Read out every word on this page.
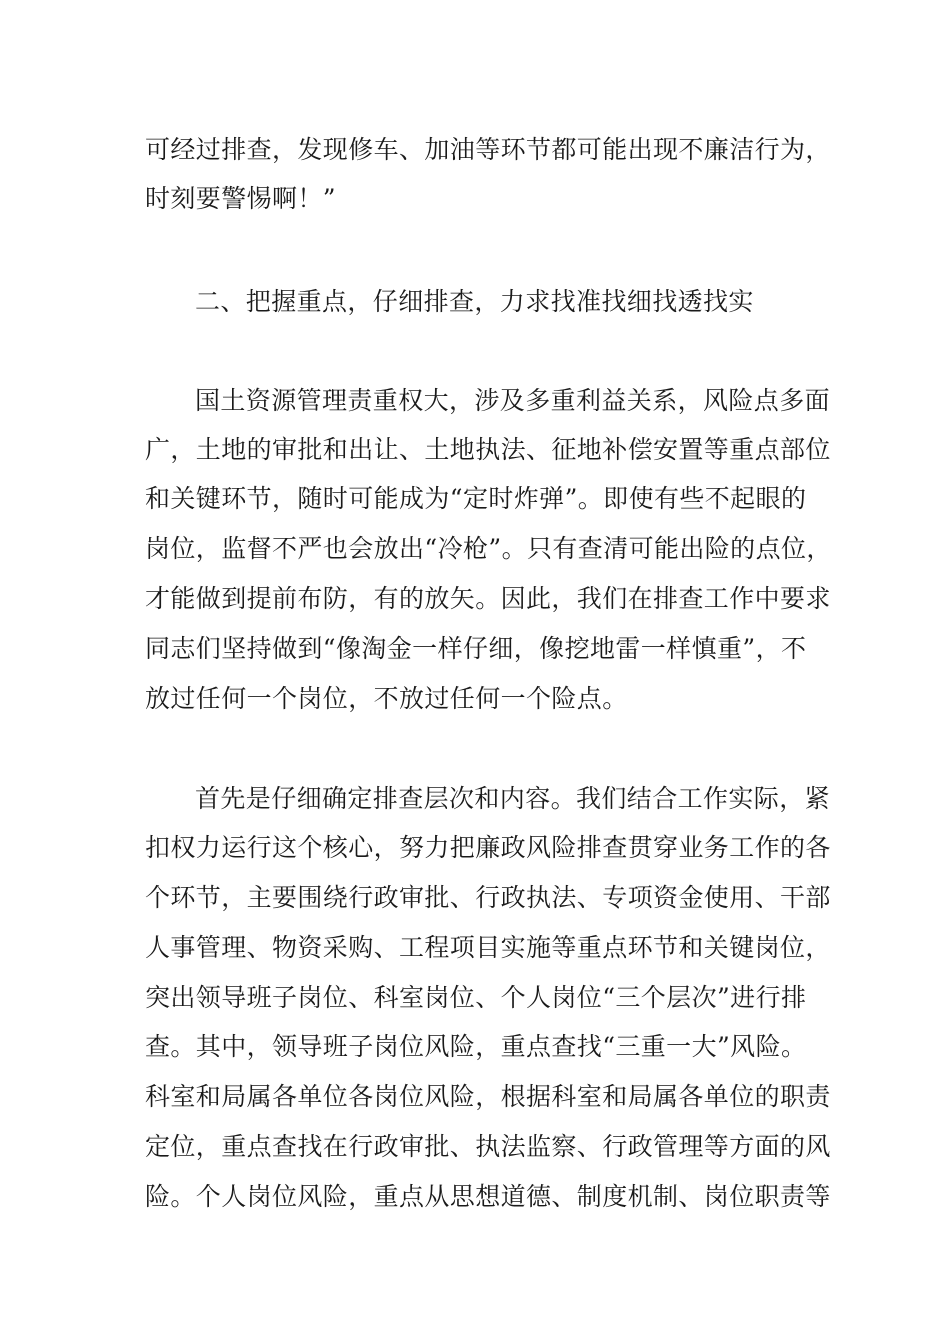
可经过排查，发现修车、加油等环节都可能出现不廉洁行为，
时刻要警惕啊！”
二、把握重点，仔细排查，力求找准找细找透找实
国土资源管理责重权大，涉及多重利益关系，风险点多面
广，土地的审批和出让、土地执法、征地补偿安置等重点部位
和关键环节，随时可能成为“定时炸弹”。即使有些不起眼的
岗位，监督不严也会放出“冷枪”。只有查清可能出险的点位，
才能做到提前布防，有的放矢。因此，我们在排查工作中要求
同志们坚持做到“像淘金一样仔细，像挖地雷一样慎重”，不
放过任何一个岗位，不放过任何一个险点。
首先是仔细确定排查层次和内容。我们结合工作实际，紧
扣权力运行这个核心，努力把廉政风险排查贯穿业务工作的各
个环节，主要围绕行政审批、行政执法、专项资金使用、干部
人事管理、物资采购、工程项目实施等重点环节和关键岗位，
突出领导班子岗位、科室岗位、个人岗位“三个层次”进行排
查。其中，领导班子岗位风险，重点查找“三重一大”风险。
科室和局属各单位各岗位风险，根据科室和局属各单位的职责
定位，重点查找在行政审批、执法监察、行政管理等方面的风
险。个人岗位风险，重点从思想道德、制度机制、岗位职责等
